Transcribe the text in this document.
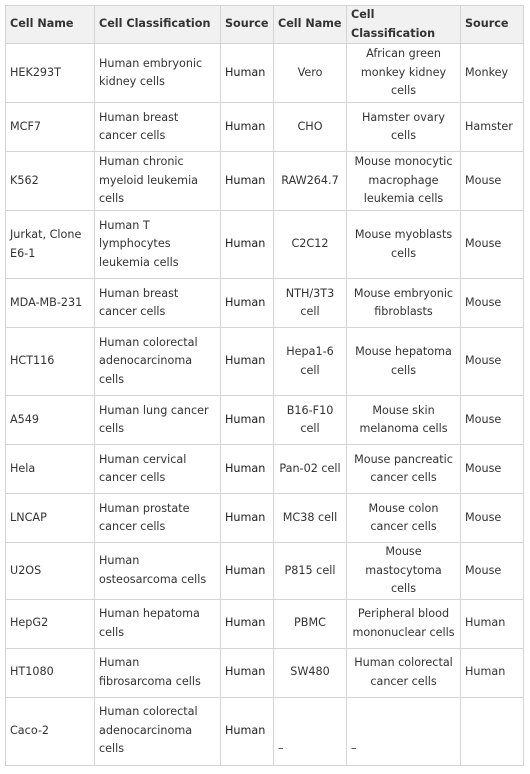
Cell Name	Cell Classification	Source	Cell Name	Cell Classification	Source
HEK293T	Human embryonic kidney cells	Human	Vero	African green monkey kidney cells	Monkey
MCF7	Human breast cancer cells	Human	CHO	Hamster ovary cells	Hamster
K562	Human chronic myeloid leukemia cells	Human	RAW264.7	Mouse monocytic macrophage leukemia cells	Mouse
Jurkat, Clone E6-1	Human T lymphocytes leukemia cells	Human	C2C12	Mouse myoblasts cells	Mouse
MDA-MB-231	Human breast cancer cells	Human	NTH/3T3 cell	Mouse embryonic fibroblasts	Mouse
HCT116	Human colorectal adenocarcinoma cells	Human	Hepa1-6 cell	Mouse hepatoma cells	Mouse
A549	Human lung cancer cells	Human	B16-F10 cell	Mouse skin melanoma cells	Mouse
Hela	Human cervical cancer cells	Human	Pan-02 cell	Mouse pancreatic cancer cells	Mouse
LNCAP	Human prostate cancer cells	Human	MC38 cell	Mouse colon cancer cells	Mouse
U2OS	Human osteosarcoma cells	Human	P815 cell	Mouse mastocytoma cells	Mouse
HepG2	Human hepatoma cells	Human	PBMC	Peripheral blood mononuclear cells	Human
HT1080	Human fibrosarcoma cells	Human	SW480	Human colorectal cancer cells	Human
Caco-2	Human colorectal adenocarcinoma cells	Human	–	–	
